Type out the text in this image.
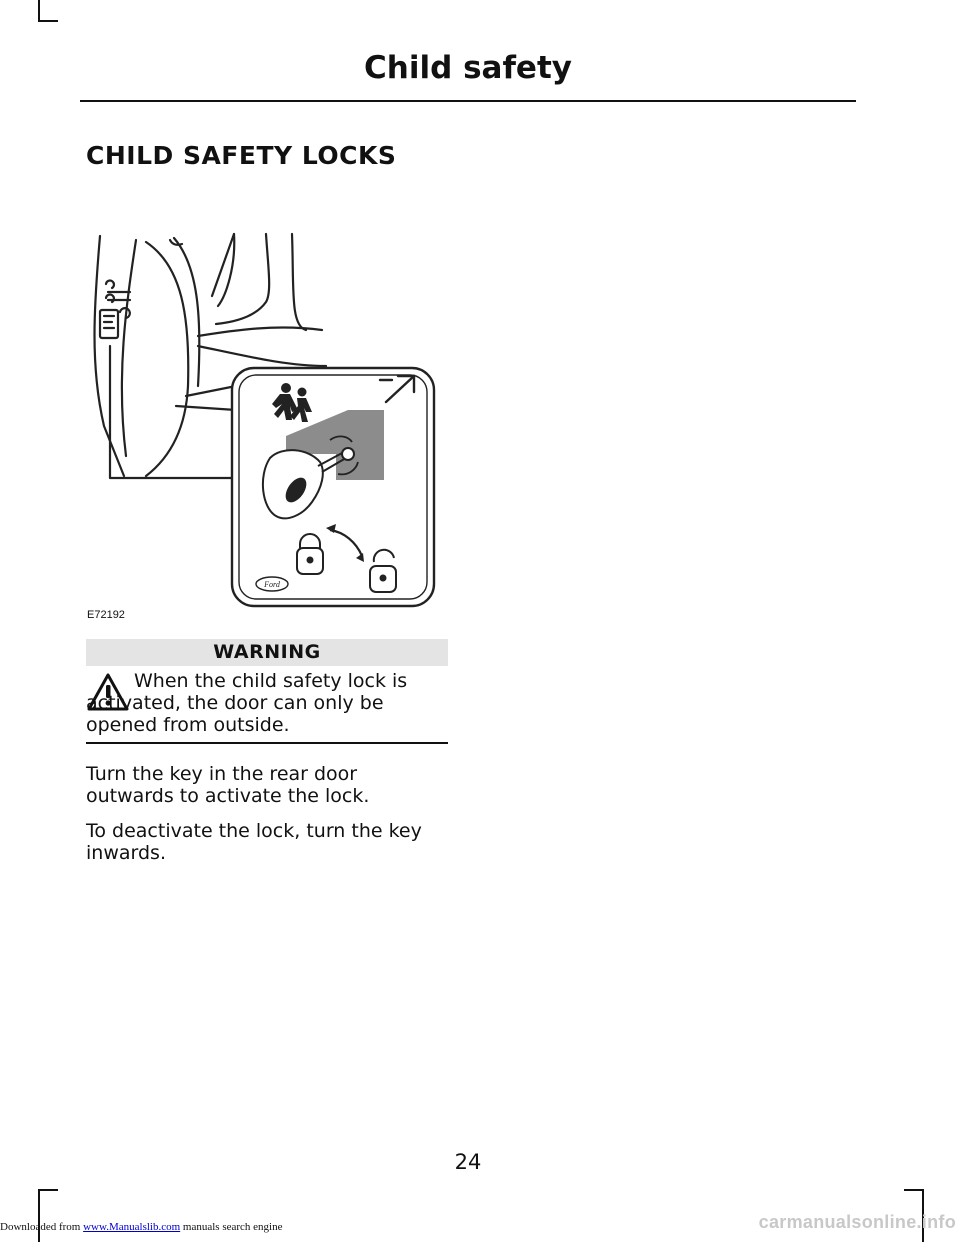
Child safety
CHILD SAFETY LOCKS
Ford
E72192
WARNING

When the child safety lock is activated, the door can only be opened from outside.

Turn the key in the rear door outwards to activate the lock.

To deactivate the lock, turn the key inwards.

24
Downloaded from www.Manualslib.com manuals search engine	carmanualsonline.info
